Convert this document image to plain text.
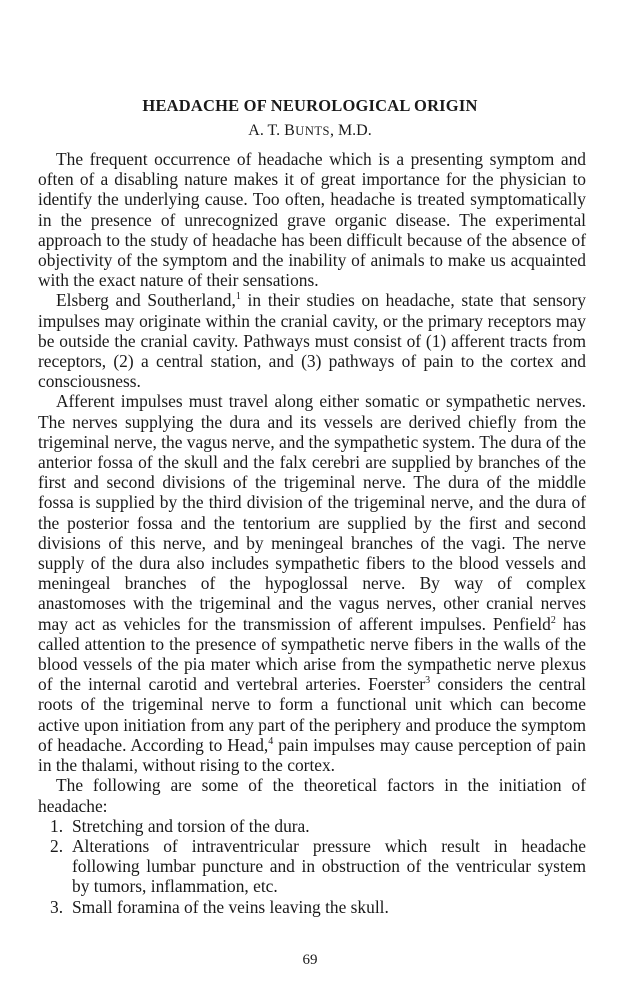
HEADACHE OF NEUROLOGICAL ORIGIN
A. T. BUNTS, M.D.

The frequent occurrence of headache which is a presenting symptom and often of a disabling nature makes it of great importance for the physician to identify the underlying cause. Too often, headache is treated symptomatically in the presence of unrecognized grave organic disease. The experimental approach to the study of headache has been difficult because of the absence of objectivity of the symptom and the inability of animals to make us acquainted with the exact nature of their sensations.

Elsberg and Southerland,$^1$ in their studies on headache, state that sensory impulses may originate within the cranial cavity, or the primary receptors may be outside the cranial cavity. Pathways must consist of (1) afferent tracts from receptors, (2) a central station, and (3) pathways of pain to the cortex and consciousness.

Afferent impulses must travel along either somatic or sympathetic nerves. The nerves supplying the dura and its vessels are derived chiefly from the trigeminal nerve, the vagus nerve, and the sympathetic system. The dura of the anterior fossa of the skull and the falx cerebri are supplied by branches of the first and second divisions of the trigeminal nerve. The dura of the middle fossa is supplied by the third division of the trigeminal nerve, and the dura of the posterior fossa and the tentorium are supplied by the first and second divisions of this nerve, and by meningeal branches of the vagi. The nerve supply of the dura also includes sympathetic fibers to the blood vessels and meningeal branches of the hypoglossal nerve. By way of complex anastomoses with the trigeminal and the vagus nerves, other cranial nerves may act as vehicles for the transmission of afferent impulses. Penfield$^2$ has called attention to the presence of sympathetic nerve fibers in the walls of the blood vessels of the pia mater which arise from the sympathetic nerve plexus of the internal carotid and vertebral arteries. Foerster$^3$ considers the central roots of the trigeminal nerve to form a functional unit which can become active upon initiation from any part of the periphery and produce the symptom of headache. According to Head,$^4$ pain impulses may cause perception of pain in the thalami, without rising to the cortex.

The following are some of the theoretical factors in the initiation of headache:

1. Stretching and torsion of the dura.
2. Alterations of intraventricular pressure which result in headache following lumbar puncture and in obstruction of the ventricular system by tumors, inflammation, etc.
3. Small foramina of the veins leaving the skull.
69
